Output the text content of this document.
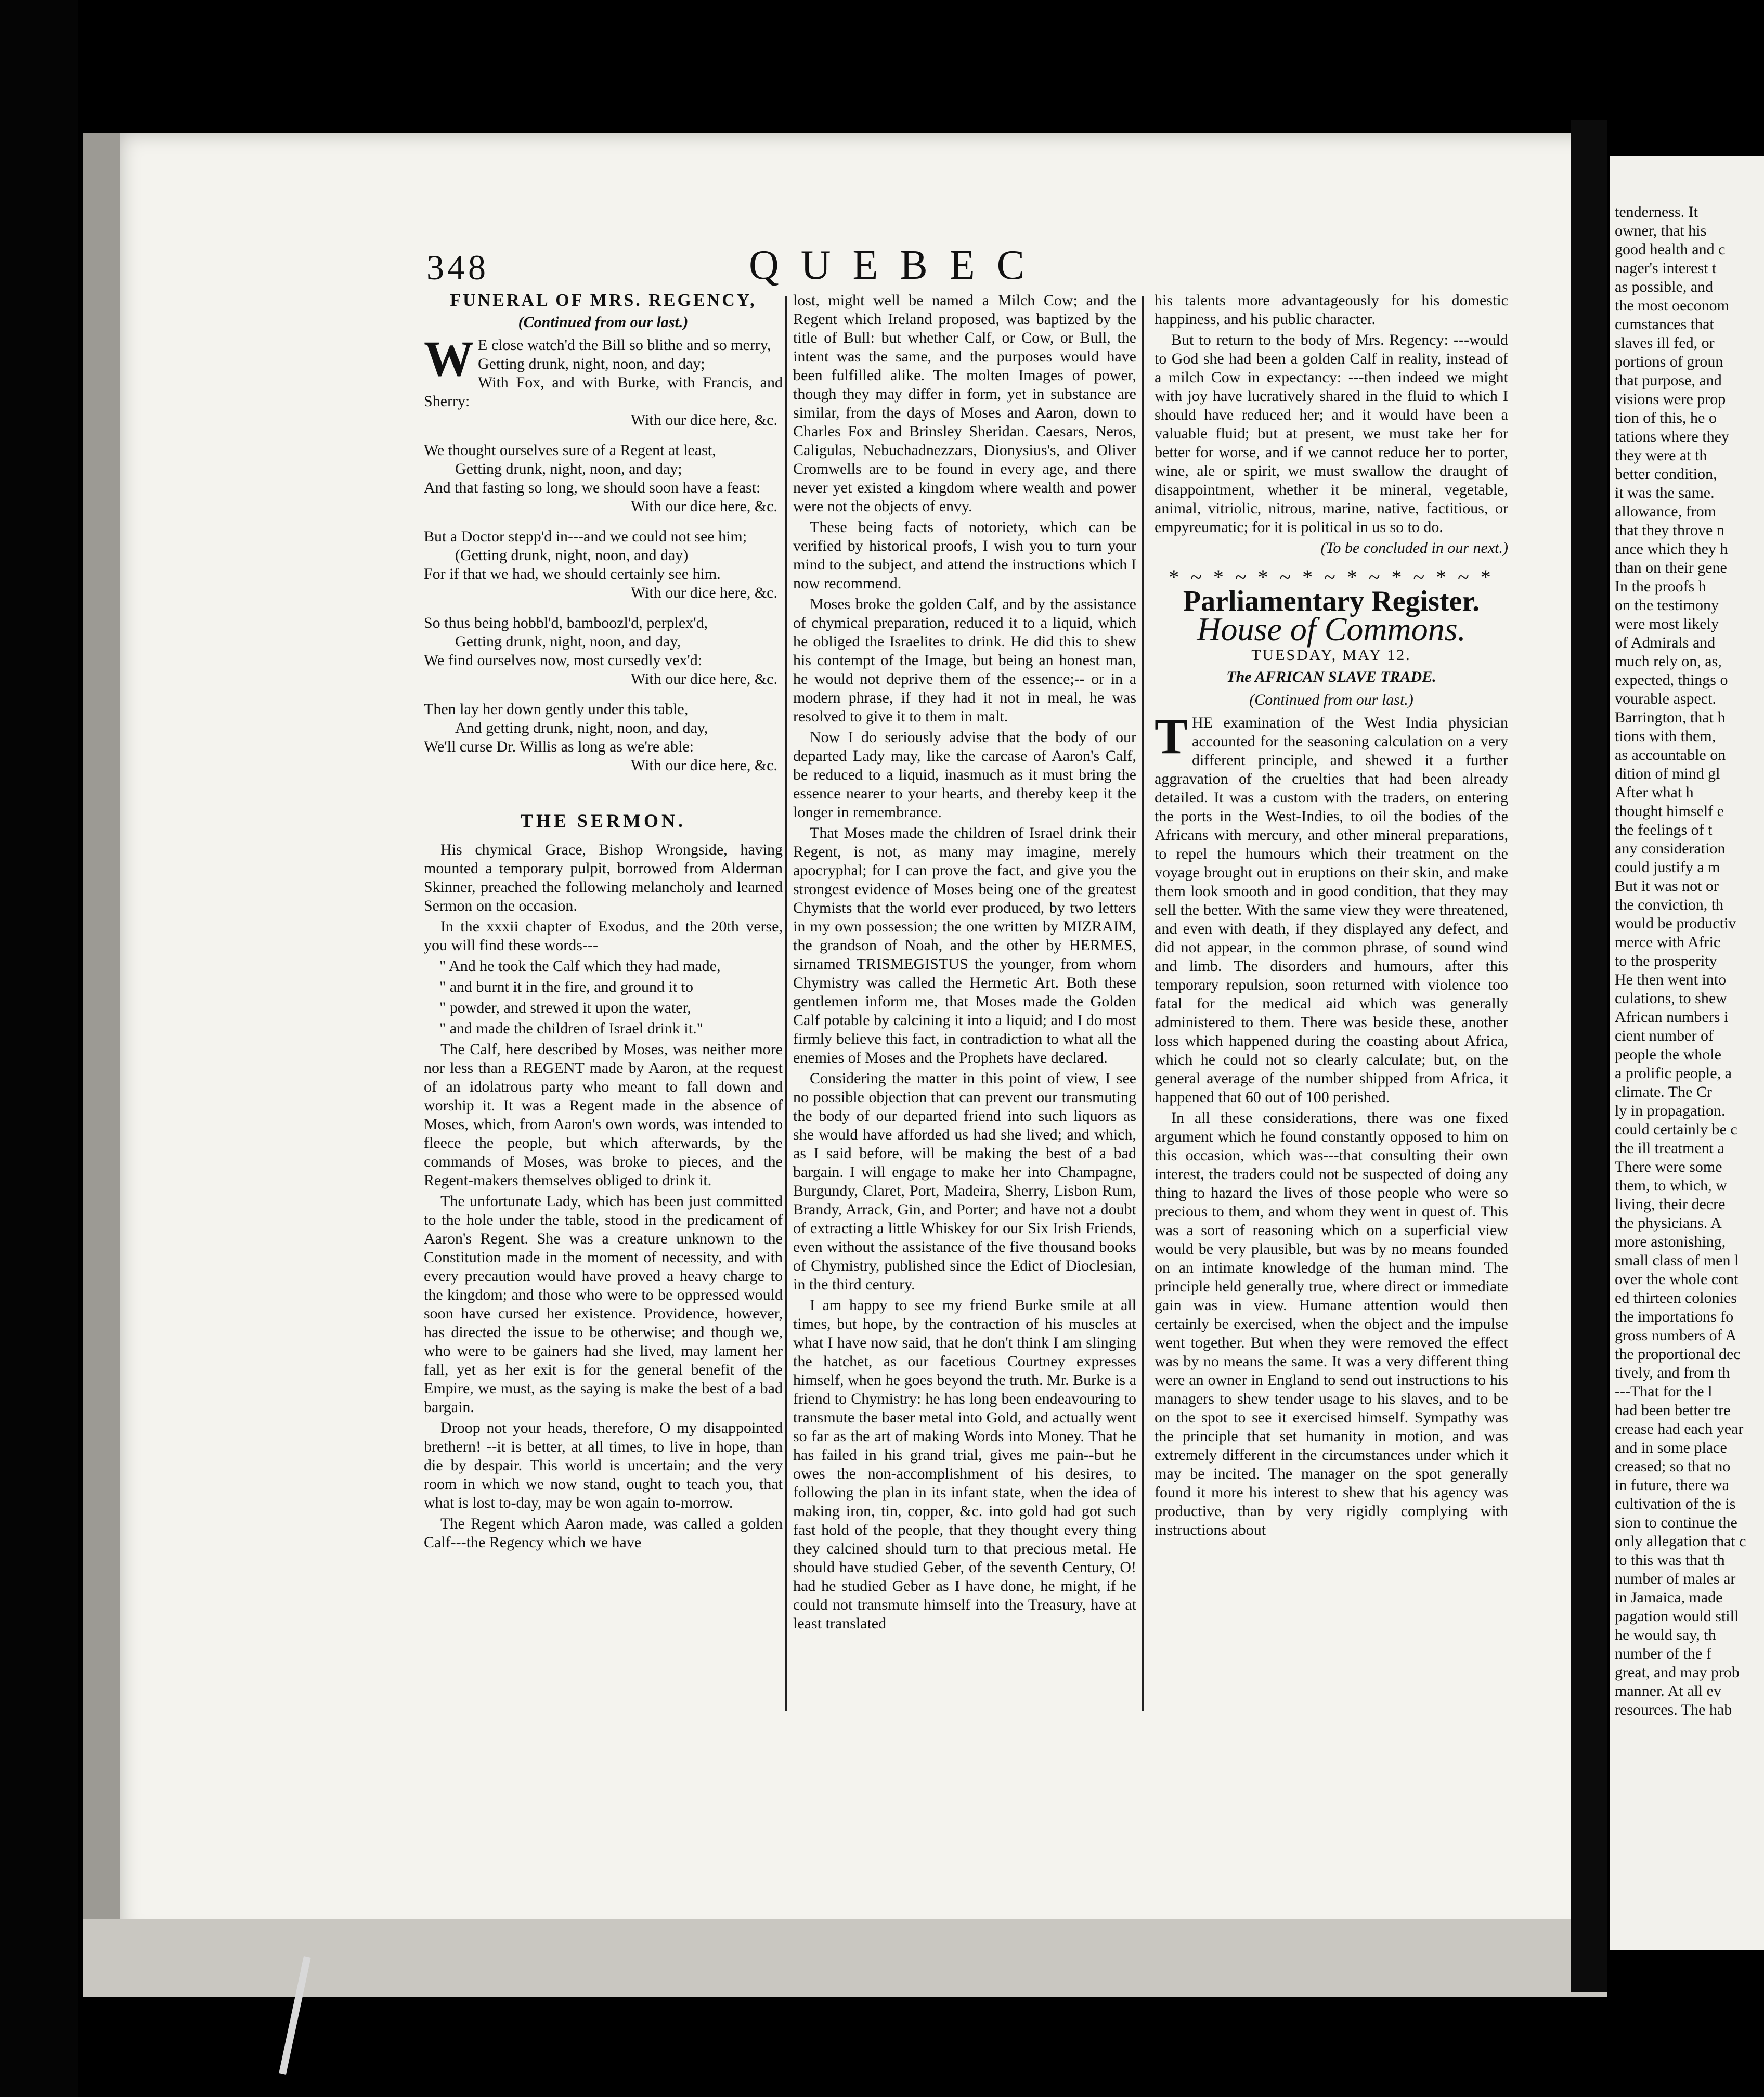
348	QUEBEC
FUNERAL OF MRS. REGENCY,
(Continued from our last.)
W E close watch'd the Bill so blithe and so merry,

Getting drunk, night, noon, and day;

With Fox, and with Burke, with Francis, and Sherry:

With our dice here, &c.

We thought ourselves sure of a Regent at least,

Getting drunk, night, noon, and day;

And that fasting so long, we should soon have a feast:

With our dice here, &c.

But a Doctor stepp'd in---and we could not see him;

(Getting drunk, night, noon, and day)

For if that we had, we should certainly see him.

With our dice here, &c.

So thus being hobbl'd, bamboozl'd, perplex'd,

Getting drunk, night, noon, and day,

We find ourselves now, most cursedly vex'd:

With our dice here, &c.

Then lay her down gently under this table,

And getting drunk, night, noon, and day,

We'll curse Dr. Willis as long as we're able:

With our dice here, &c.

THE SERMON.

His chymical Grace, Bishop Wrongside, having mounted a temporary pulpit, borrowed from Alderman Skinner, preached the following melancholy and learned Sermon on the occasion.

In the xxxii chapter of Exodus, and the 20th verse, you will find these words---

" And he took the Calf which they had made,

" and burnt it in the fire, and ground it to

" powder, and strewed it upon the water,

" and made the children of Israel drink it."

The Calf, here described by Moses, was neither more nor less than a REGENT made by Aaron, at the request of an idolatrous party who meant to fall down and worship it. It was a Regent made in the absence of Moses, which, from Aaron's own words, was intended to fleece the people, but which afterwards, by the commands of Moses, was broke to pieces, and the Regent-makers themselves obliged to drink it.

The unfortunate Lady, which has been just committed to the hole under the table, stood in the predicament of Aaron's Regent. She was a creature unknown to the Constitution made in the moment of necessity, and with every precaution would have proved a heavy charge to the kingdom; and those who were to be oppressed would soon have cursed her existence. Providence, however, has directed the issue to be otherwise; and though we, who were to be gainers had she lived, may lament her fall, yet as her exit is for the general benefit of the Empire, we must, as the saying is make the best of a bad bargain.

Droop not your heads, therefore, O my disappointed brethern! --it is better, at all times, to live in hope, than die by despair. This world is uncertain; and the very room in which we now stand, ought to teach you, that what is lost to-day, may be won again to-morrow.

The Regent which Aaron made, was called a golden Calf---the Regency which we have

lost, might well be named a Milch Cow; and the Regent which Ireland proposed, was baptized by the title of Bull: but whether Calf, or Cow, or Bull, the intent was the same, and the purposes would have been fulfilled alike. The molten Images of power, though they may differ in form, yet in substance are similar, from the days of Moses and Aaron, down to Charles Fox and Brinsley Sheridan. Caesars, Neros, Caligulas, Nebuchadnezzars, Dionysius's, and Oliver Cromwells are to be found in every age, and there never yet existed a kingdom where wealth and power were not the objects of envy.

These being facts of notoriety, which can be verified by historical proofs, I wish you to turn your mind to the subject, and attend the instructions which I now recommend.

Moses broke the golden Calf, and by the assistance of chymical preparation, reduced it to a liquid, which he obliged the Israelites to drink. He did this to shew his contempt of the Image, but being an honest man, he would not deprive them of the essence;-- or in a modern phrase, if they had it not in meal, he was resolved to give it to them in malt.

Now I do seriously advise that the body of our departed Lady may, like the carcase of Aaron's Calf, be reduced to a liquid, inasmuch as it must bring the essence nearer to your hearts, and thereby keep it the longer in remembrance.

That Moses made the children of Israel drink their Regent, is not, as many may imagine, merely apocryphal; for I can prove the fact, and give you the strongest evidence of Moses being one of the greatest Chymists that the world ever produced, by two letters in my own possession; the one written by MIZRAIM, the grandson of Noah, and the other by HERMES, sirnamed TRISMEGISTUS the younger, from whom Chymistry was called the Hermetic Art. Both these gentlemen inform me, that Moses made the Golden Calf potable by calcining it into a liquid; and I do most firmly believe this fact, in contradiction to what all the enemies of Moses and the Prophets have declared.

Considering the matter in this point of view, I see no possible objection that can prevent our transmuting the body of our departed friend into such liquors as she would have afforded us had she lived; and which, as I said before, will be making the best of a bad bargain. I will engage to make her into Champagne, Burgundy, Claret, Port, Madeira, Sherry, Lisbon Rum, Brandy, Arrack, Gin, and Porter; and have not a doubt of extracting a little Whiskey for our Six Irish Friends, even without the assistance of the five thousand books of Chymistry, published since the Edict of Dioclesian, in the third century.

I am happy to see my friend Burke smile at all times, but hope, by the contraction of his muscles at what I have now said, that he don't think I am slinging the hatchet, as our facetious Courtney expresses himself, when he goes beyond the truth. Mr. Burke is a friend to Chymistry: he has long been endeavouring to transmute the baser metal into Gold, and actually went so far as the art of making Words into Money. That he has failed in his grand trial, gives me pain--but he owes the non-accomplishment of his desires, to following the plan in its infant state, when the idea of making iron, tin, copper, &c. into gold had got such fast hold of the people, that they thought every thing they calcined should turn to that precious metal. He should have studied Geber, of the seventh Century, O! had he studied Geber as I have done, he might, if he could not transmute himself into the Treasury, have at least translated

his talents more advantageously for his domestic happiness, and his public character.

But to return to the body of Mrs. Regency: ---would to God she had been a golden Calf in reality, instead of a milch Cow in expectancy: ---then indeed we might with joy have lucratively shared in the fluid to which I should have reduced her; and it would have been a valuable fluid; but at present, we must take her for better for worse, and if we cannot reduce her to porter, wine, ale or spirit, we must swallow the draught of disappointment, whether it be mineral, vegetable, animal, vitriolic, nitrous, marine, native, factitious, or empyreumatic; for it is political in us so to do.

(To be concluded in our next.)

* ~ * ~ * ~ * ~ * ~ * ~ * ~ *
Parliamentary Register.
House of Commons.
TUESDAY, MAY 12.
The AFRICAN SLAVE TRADE.
(Continued from our last.)
T HE examination of the West India physician accounted for the seasoning calculation on a very different principle, and shewed it a further aggravation of the cruelties that had been already detailed. It was a custom with the traders, on entering the ports in the West-Indies, to oil the bodies of the Africans with mercury, and other mineral preparations, to repel the humours which their treatment on the voyage brought out in eruptions on their skin, and make them look smooth and in good condition, that they may sell the better. With the same view they were threatened, and even with death, if they displayed any defect, and did not appear, in the common phrase, of sound wind and limb. The disorders and humours, after this temporary repulsion, soon returned with violence too fatal for the medical aid which was generally administered to them. There was beside these, another loss which happened during the coasting about Africa, which he could not so clearly calculate; but, on the general average of the number shipped from Africa, it happened that 60 out of 100 perished.

In all these considerations, there was one fixed argument which he found constantly opposed to him on this occasion, which was---that consulting their own interest, the traders could not be suspected of doing any thing to hazard the lives of those people who were so precious to them, and whom they went in quest of. This was a sort of reasoning which on a superficial view would be very plausible, but was by no means founded on an intimate knowledge of the human mind. The principle held generally true, where direct or immediate gain was in view. Humane attention would then certainly be exercised, when the object and the impulse went together. But when they were removed the effect was by no means the same. It was a very different thing were an owner in England to send out instructions to his managers to shew tender usage to his slaves, and to be on the spot to see it exercised himself. Sympathy was the principle that set humanity in motion, and was extremely different in the circumstances under which it may be incited. The manager on the spot generally found it more his interest to shew that his agency was productive, than by very rigidly complying with instructions about

tenderness. It
owner, that his
good health and c
nager's interest t
as possible, and
the most oeconom
cumstances that
slaves ill fed, or
portions of groun
that purpose, and
visions were prop
tion of this, he o
tations where they
they were at th
better condition,
it was the same.
allowance, from
that they throve n
ance which they h
than on their gene
In the proofs h
on the testimony
were most likely
of Admirals and
much rely on, as,
expected, things o
vourable aspect.
Barrington, that h
tions with them,
as accountable on
dition of mind gl
After what h
thought himself e
the feelings of t
any consideration
could justify a m
But it was not or
the conviction, th
would be productiv
merce with Afric
to the prosperity
He then went into
culations, to shew
African numbers i
cient number of
people the whole
a prolific people, a
climate. The Cr
ly in propagation.
could certainly be c
the ill treatment a
There were some
them, to which, w
living, their decre
the physicians. A
more astonishing,
small class of men l
over the whole cont
ed thirteen colonies
the importations fo
gross numbers of A
the proportional dec
tively, and from th
---That for the l
had been better tre
crease had each year
and in some place
creased; so that no
in future, there wa
cultivation of the is
sion to continue the
only allegation that c
to this was that th
number of males ar
in Jamaica, made
pagation would still
he would say, th
number of the f
great, and may prob
manner. At all ev
resources. The hab
